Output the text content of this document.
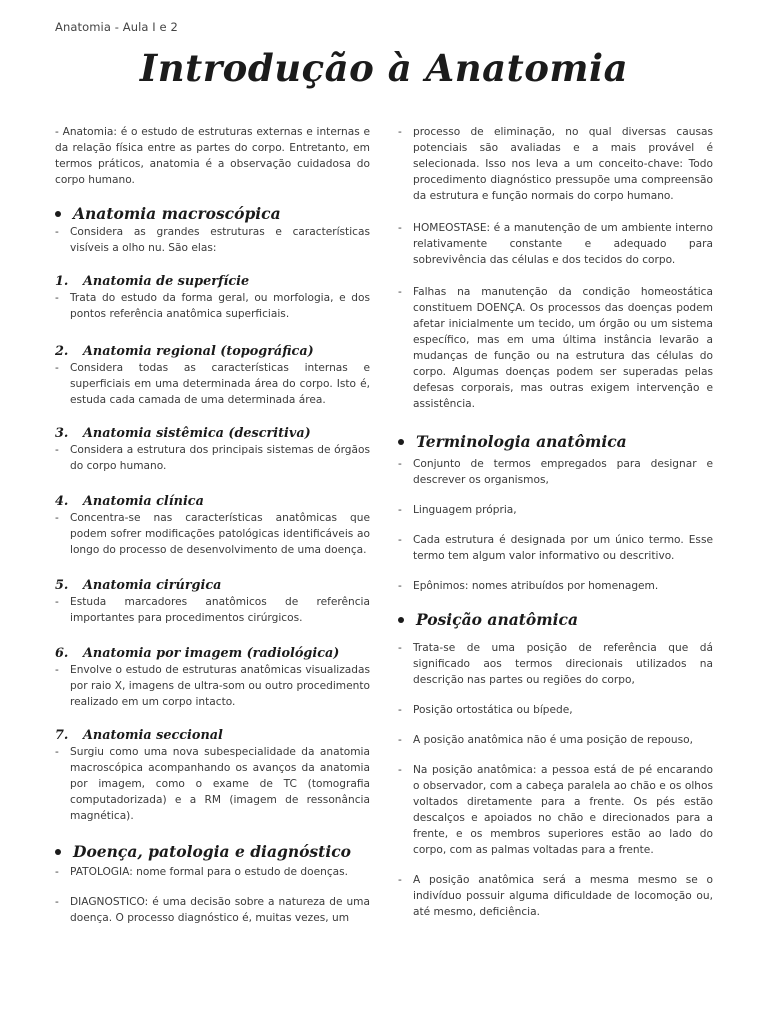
Anatomia - Aula I e 2
Introdução à Anatomia

- Anatomia: é o estudo de estruturas externas e internas e da relação física entre as partes do corpo. Entretanto, em termos práticos, anatomia é a observação cuidadosa do corpo humano.

Anatomia macroscópica
-	Considera as grandes estruturas e características visíveis a olho nu. São elas:
1.	Anatomia de superfície
-	Trata do estudo da forma geral, ou morfologia, e dos pontos referência anatômica superficiais.
2.	Anatomia regional (topográfica)
-	Considera todas as características internas e superficiais em uma determinada área do corpo. Isto é, estuda cada camada de uma determinada área.
3.	Anatomia sistêmica (descritiva)
-	Considera a estrutura dos principais sistemas de órgãos do corpo humano.
4.	Anatomia clínica
-	Concentra-se nas características anatômicas que podem sofrer modificações patológicas identificáveis ao longo do processo de desenvolvimento de uma doença.
5.	Anatomia cirúrgica
-	Estuda marcadores anatômicos de referência importantes para procedimentos cirúrgicos.
6.	Anatomia por imagem (radiológica)
-	Envolve o estudo de estruturas anatômicas visualizadas por raio X, imagens de ultra-som ou outro procedimento realizado em um corpo intacto.
7.	Anatomia seccional
-	Surgiu como uma nova subespecialidade da anatomia macroscópica acompanhando os avanços da anatomia por imagem, como o exame de TC (tomografia computadorizada) e a RM (imagem de ressonância magnética).
Doença, patologia e diagnóstico
-	PATOLOGIA: nome formal para o estudo de doenças.
-	DIAGNOSTICO: é uma decisão sobre a natureza de uma doença. O processo diagnóstico é, muitas vezes, um
-	processo de eliminação, no qual diversas causas potenciais são avaliadas e a mais provável é selecionada. Isso nos leva a um conceito-chave: Todo procedimento diagnóstico pressupõe uma compreensão da estrutura e função normais do corpo humano.
-	HOMEOSTASE: é a manutenção de um ambiente interno relativamente constante e adequado para sobrevivência das células e dos tecidos do corpo.
-	Falhas na manutenção da condição homeostática constituem DOENÇA. Os processos das doenças podem afetar inicialmente um tecido, um órgão ou um sistema específico, mas em uma última instância levarão a mudanças de função ou na estrutura das células do corpo. Algumas doenças podem ser superadas pelas defesas corporais, mas outras exigem intervenção e assistência.
Terminologia anatômica
-	Conjunto de termos empregados para designar e descrever os organismos,
-	Linguagem própria,
-	Cada estrutura é designada por um único termo. Esse termo tem algum valor informativo ou descritivo.
-	Epônimos: nomes atribuídos por homenagem.
Posição anatômica
-	Trata-se de uma posição de referência que dá significado aos termos direcionais utilizados na descrição nas partes ou regiões do corpo,
-	Posição ortostática ou bípede,
-	A posição anatômica não é uma posição de repouso,
-	Na posição anatômica: a pessoa está de pé encarando o observador, com a cabeça paralela ao chão e os olhos voltados diretamente para a frente. Os pés estão descalços e apoiados no chão e direcionados para a frente, e os membros superiores estão ao lado do corpo, com as palmas voltadas para a frente.
-	A posição anatômica será a mesma mesmo se o indivíduo possuir alguma dificuldade de locomoção ou, até mesmo, deficiência.
